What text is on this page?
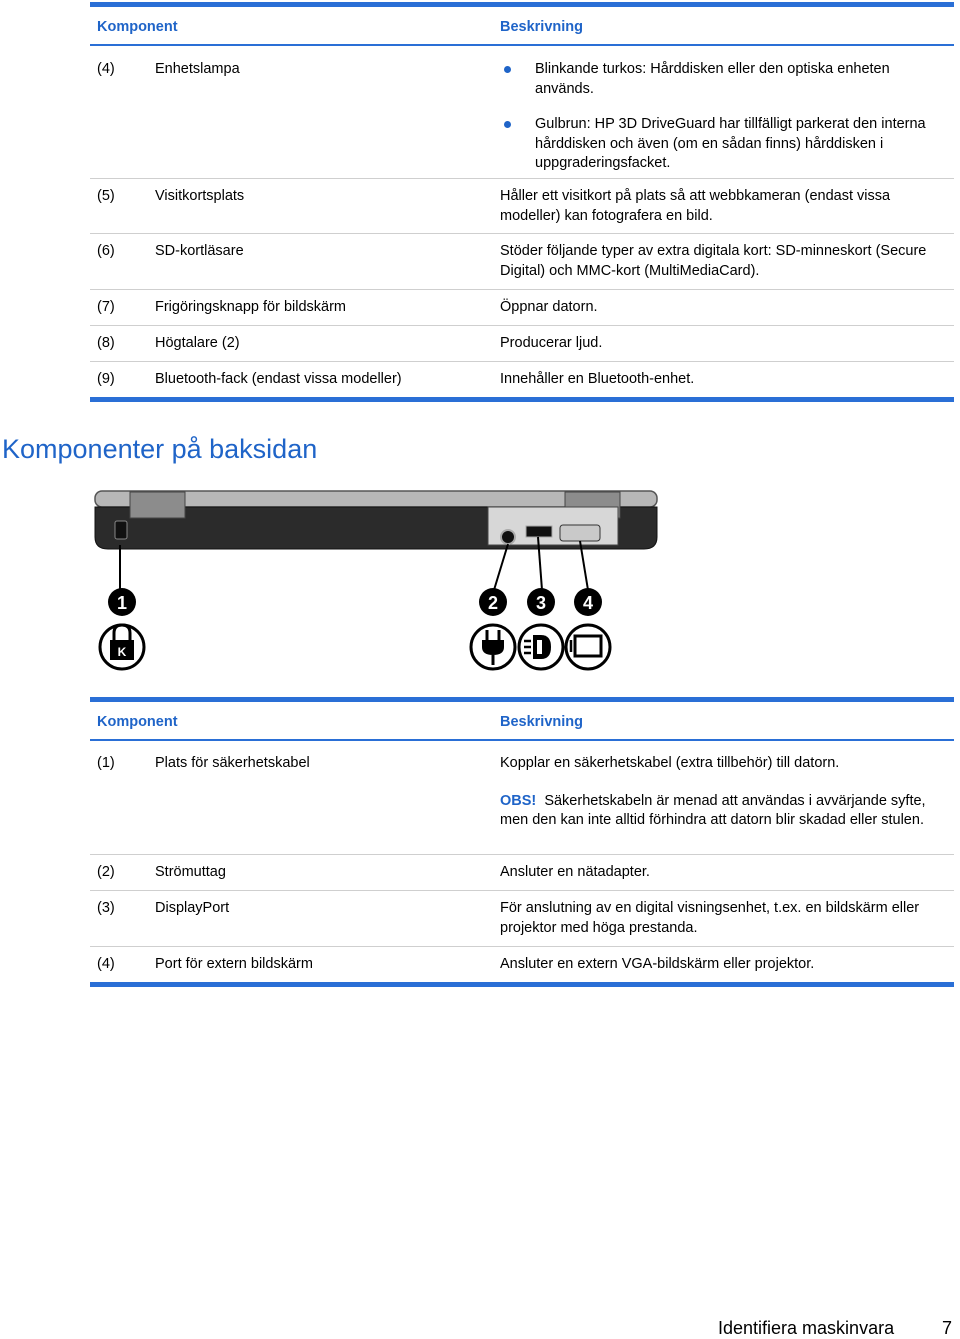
Komponent	Beskrivning
(4)	Enhetslampa	Blinkande turkos: Hårddisken eller den optiska enheten används.
Gulbrun: HP 3D DriveGuard har tillfälligt parkerat den interna hårddisken och även (om en sådan finns) hårddisken i uppgraderingsfacket.
(5)	Visitkortsplats	Håller ett visitkort på plats så att webbkameran (endast vissa modeller) kan fotografera en bild.
(6)	SD-kortläsare	Stöder följande typer av extra digitala kort: SD-minneskort (Secure Digital) och MMC-kort (MultiMediaCard).
(7)	Frigöringsknapp för bildskärm	Öppnar datorn.
(8)	Högtalare (2)	Producerar ljud.
(9)	Bluetooth-fack (endast vissa modeller)	Innehåller en Bluetooth-enhet.
Komponenter på baksidan
1	2 3 4
K
Komponent	Beskrivning
(1)	Plats för säkerhetskabel	Kopplar en säkerhetskabel (extra tillbehör) till datorn.
OBS! Säkerhetskabeln är menad att användas i avvärjande syfte, men den kan inte alltid förhindra att datorn blir skadad eller stulen.
(2)	Strömuttag	Ansluter en nätadapter.
(3)	DisplayPort	För anslutning av en digital visningsenhet, t.ex. en bildskärm eller projektor med höga prestanda.
(4)	Port för extern bildskärm	Ansluter en extern VGA-bildskärm eller projektor.
Identifiera maskinvara	7
